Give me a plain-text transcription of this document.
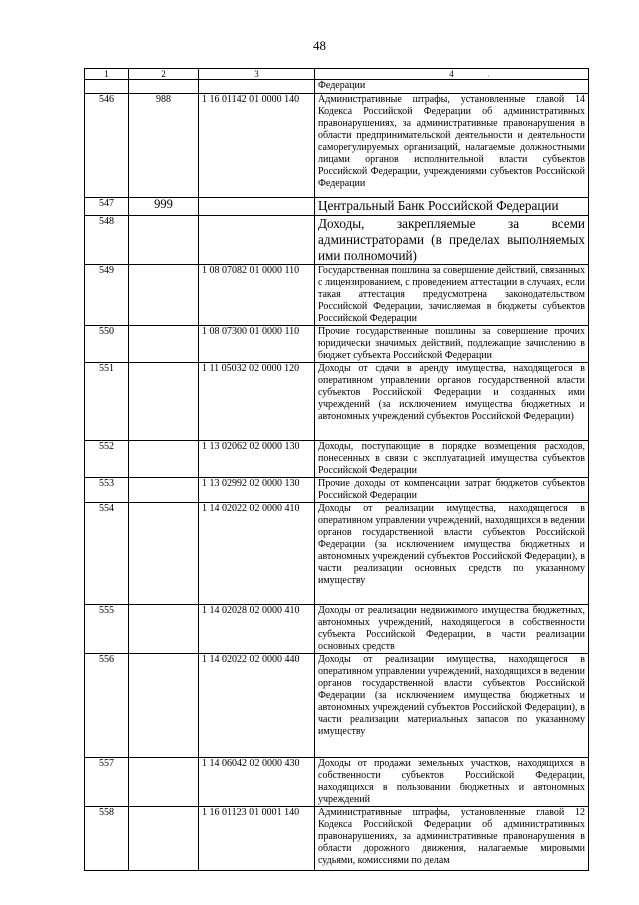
48
·
1	2	3	4
			Федерации
546	988	1 16 01142 01 0000 140	Административные штрафы, установленные главой 14 Кодекса Российской Федерации об административных правонарушениях, за административные правонарушения в области предпринимательской деятельности и деятельности саморегулируемых организаций, налагаемые должностными лицами органов исполнительной власти субъектов Российской Федерации, учреждениями субъектов Российской Федерации
547	999		Центральный Банк Российской Федерации
548			Доходы, закрепляемые за всеми администраторами (в пределах выполняемых ими полномочий)
549		1 08 07082 01 0000 110	Государственная пошлина за совершение действий, связанных с лицензированием, с проведением аттестации в случаях, если такая аттестация предусмотрена законодательством Российской Федерации, зачисляемая в бюджеты субъектов Российской Федерации
550		1 08 07300 01 0000 110	Прочие государственные пошлины за совершение прочих юридически значимых действий, подлежащие зачислению в бюджет субъекта Российской Федерации
551		1 11 05032 02 0000 120	Доходы от сдачи в аренду имущества, находящегося в оперативном управлении органов государственной власти субъектов Российской Федерации и созданных ими учреждений (за исключением имущества бюджетных и автономных учреждений субъектов Российской Федерации)
552		1 13 02062 02 0000 130	Доходы, поступающие в порядке возмещения расходов, понесенных в связи с эксплуатацией имущества субъектов Российской Федерации
553		1 13 02992 02 0000 130	Прочие доходы от компенсации затрат бюджетов субъектов Российской Федерации
554		1 14 02022 02 0000 410	Доходы от реализации имущества, находящегося в оперативном управлении учреждений, находящихся в ведении органов государственной власти субъектов Российской Федерации (за исключением имущества бюджетных и автономных учреждений субъектов Российской Федерации), в части реализации основных средств по указанному имуществу
555		1 14 02028 02 0000 410	Доходы от реализации недвижимого имущества бюджетных, автономных учреждений, находящегося в собственности субъекта Российской Федерации, в части реализации основных средств
556		1 14 02022 02 0000 440	Доходы от реализации имущества, находящегося в оперативном управлении учреждений, находящихся в ведении органов государственной власти субъектов Российской Федерации (за исключением имущества бюджетных и автономных учреждений субъектов Российской Федерации), в части реализации материальных запасов по указанному имуществу
557		1 14 06042 02 0000 430	Доходы от продажи земельных участков, находящихся в собственности субъектов Российской Федерации, находящихся в пользовании бюджетных и автономных учреждений
558		1 16 01123 01 0001 140	Административные штрафы, установленные главой 12 Кодекса Российской Федерации об административных правонарушениях, за административные правонарушения в области дорожного движения, налагаемые мировыми судьями, комиссиями по делам
